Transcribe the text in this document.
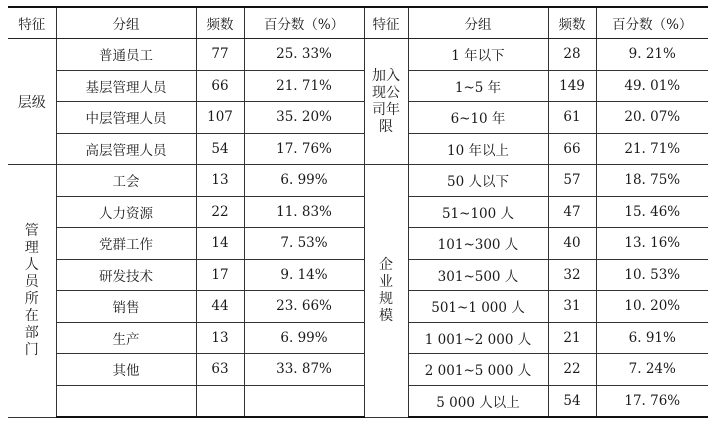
特征	分组	频数	百分数（%）	特征	分组	频数	百分数（%）
层级	普通员工	77	25. 33%	加入现公司年限	1 年以下	28	9. 21%
	基层管理人员	66	21. 71%		1~5 年	149	49. 01%
	中层管理人员	107	35. 20%		6~10 年	61	20. 07%
	高层管理人员	54	17. 76%		10 年以上	66	21. 71%

管理人员所在部门	工会	13	6. 99%	企业规模	50 人以下	57	18. 75%
	人力资源	22	11. 83%		51~100 人	47	15. 46%
	党群工作	14	7. 53%		101~300 人	40	13. 16%
	研发技术	17	9. 14%		301~500 人	32	10. 53%
	销售	44	23. 66%		501~1 000 人	31	10. 20%
	生产	13	6. 99%		1 001~2 000 人	21	6. 91%
	其他	63	33. 87%		2 001~5 000 人	22	7. 24%
					5 000 人以上	54	17. 76%
